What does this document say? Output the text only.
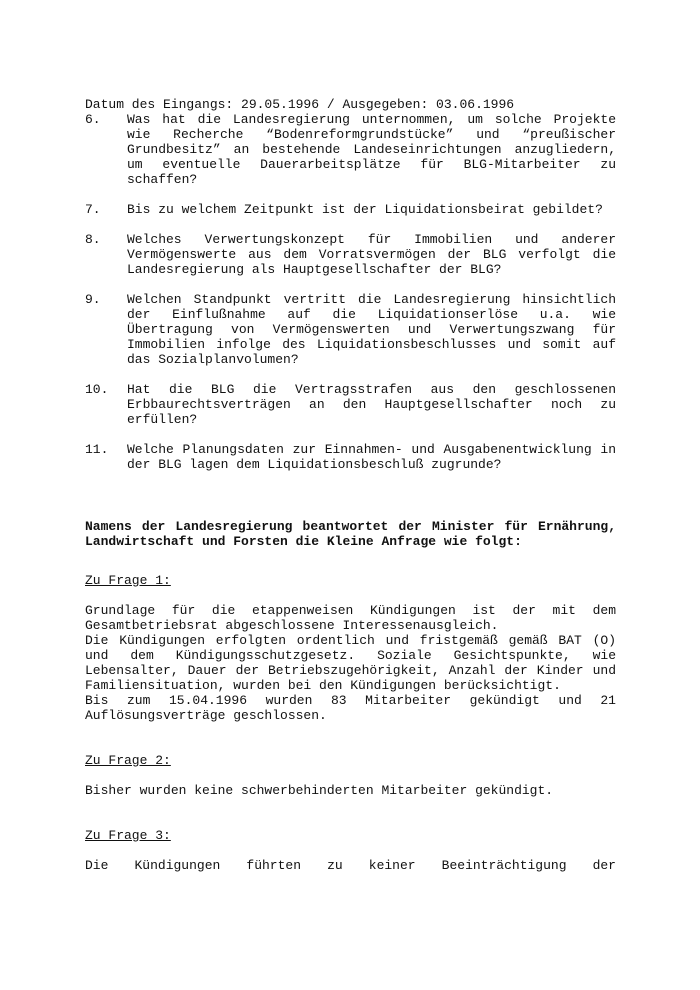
Datum des Eingangs: 29.05.1996 / Ausgegeben: 03.06.1996

6.	Was hat die Landesregierung unternommen, um solche Projekte wie Recherche “Bodenreformgrundstücke” und “preußischer Grundbesitz” an bestehende Landeseinrichtungen anzugliedern, um eventuelle Dauerarbeitsplätze für BLG-Mitarbeiter zu schaffen?
7.	Bis zu welchem Zeitpunkt ist der Liquidationsbeirat gebildet?
8.	Welches Verwertungskonzept für Immobilien und anderer Vermögenswerte aus dem Vorratsvermögen der BLG verfolgt die Landesregierung als Hauptgesellschafter der BLG?
9.	Welchen Standpunkt vertritt die Landesregierung hinsichtlich der Einflußnahme auf die Liquidationserlöse u.a. wie Übertragung von Vermögenswerten und Verwertungszwang für Immobilien infolge des Liquidationsbeschlusses und somit auf das Sozialplanvolumen?
10.	Hat die BLG die Vertragsstrafen aus den geschlossenen Erbbaurechtsverträgen an den Hauptgesellschafter noch zu erfüllen?
11.	Welche Planungsdaten zur Einnahmen- und Ausgabenentwicklung in der BLG lagen dem Liquidationsbeschluß zugrunde?

Namens der Landesregierung beantwortet der Minister für Ernährung, Landwirtschaft und Forsten die Kleine Anfrage wie folgt:

Zu Frage 1:

Grundlage für die etappenweisen Kündigungen ist der mit dem Gesamtbetriebsrat abgeschlossene Interessenausgleich.

Die Kündigungen erfolgten ordentlich und fristgemäß gemäß BAT (O) und dem Kündigungsschutzgesetz. Soziale Gesichtspunkte, wie Lebensalter, Dauer der Betriebszugehörigkeit, Anzahl der Kinder und Familiensituation, wurden bei den Kündigungen berücksichtigt.

Bis zum 15.04.1996 wurden 83 Mitarbeiter gekündigt und 21 Auflösungsverträge geschlossen.

Zu Frage 2:

Bisher wurden keine schwerbehinderten Mitarbeiter gekündigt.

Zu Frage 3:

Die Kündigungen führten zu keiner Beeinträchtigung der
